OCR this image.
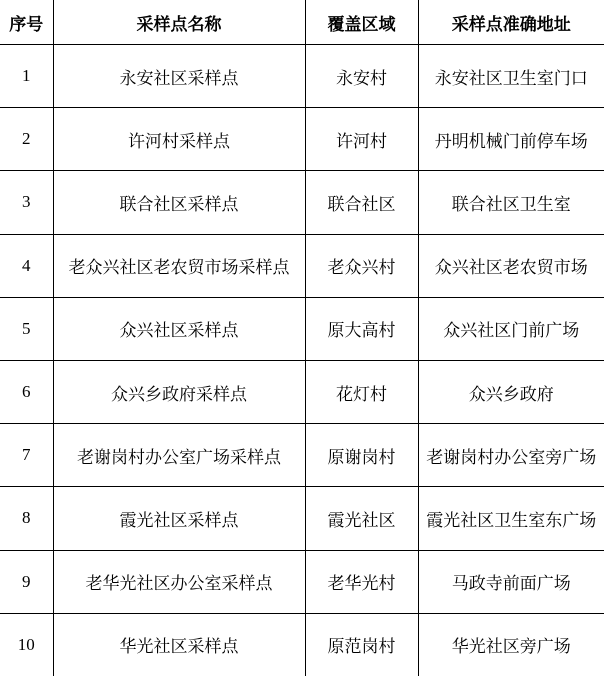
序号	采样点名称	覆盖区域	采样点准确地址
1	永安社区采样点	永安村	永安社区卫生室门口
2	许河村采样点	许河村	丹明机械门前停车场
3	联合社区采样点	联合社区	联合社区卫生室
4	老众兴社区老农贸市场采样点	老众兴村	众兴社区老农贸市场
5	众兴社区采样点	原大高村	众兴社区门前广场
6	众兴乡政府采样点	花灯村	众兴乡政府
7	老谢岗村办公室广场采样点	原谢岗村	老谢岗村办公室旁广场
8	霞光社区采样点	霞光社区	霞光社区卫生室东广场
9	老华光社区办公室采样点	老华光村	马政寺前面广场
10	华光社区采样点	原范岗村	华光社区旁广场
